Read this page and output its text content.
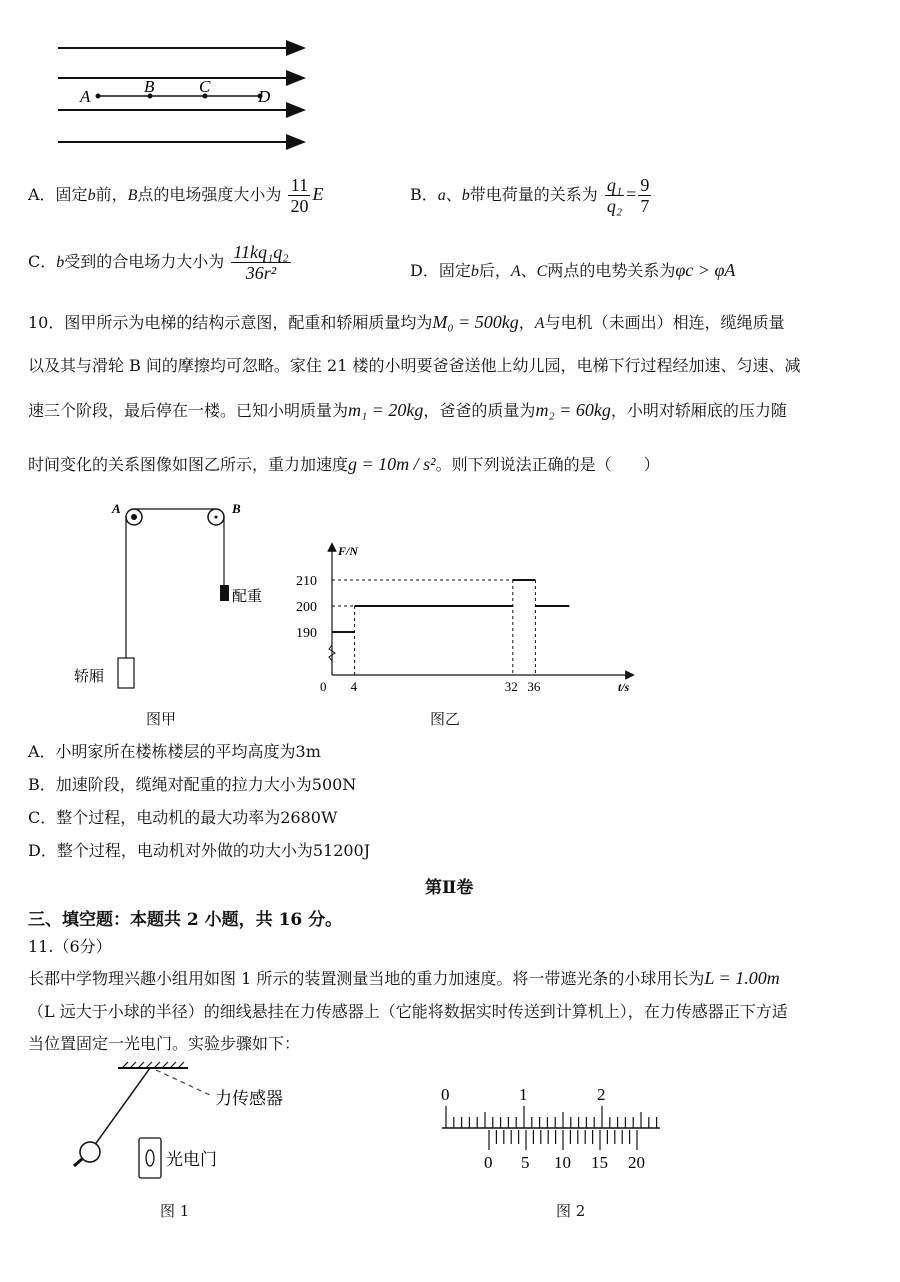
A
B	C
D
A．固定b前，B点的电场强度大小为 $\frac{11}{20}$ E	B．a、b带电荷量的关系为 $\frac{\text{q₁}}{\text{q₂}} = \frac{9}{7}$
C．b受到的合电场力大小为 $\frac{\text{11kq₁q₂}}{\text{36r²}}$	D．固定b后，A、C两点的电势关系为φc > φA
10．图甲所示为电梯的结构示意图，配重和轿厢质量均为M₀ = 500kg，A与电机（未画出）相连，缆绳质量
以及其与滑轮 B 间的摩擦均可忽略。家住 21 楼的小明要爸爸送他上幼儿园，电梯下行过程经加速、匀速、减
速三个阶段，最后停在一楼。已知小明质量为m₁ = 20kg，爸爸的质量为m₂ = 60kg，小明对轿厢底的压力随
时间变化的关系图像如图乙所示，重力加速度g = 10m / s²。则下列说法正确的是（　　）
A	B
配重
轿厢
图甲
F/N
t/s
0
190
200
210
4	32 36
图乙
A．小明家所在楼栋楼层的平均高度为3m
B．加速阶段，缆绳对配重的拉力大小为500N
C．整个过程，电动机的最大功率为2680W
D．整个过程，电动机对外做的功大小为51200J
第Ⅱ卷
三、填空题：本题共 2 小题，共 16 分。
11.（6分）
长郡中学物理兴趣小组用如图 1 所示的装置测量当地的重力加速度。将一带遮光条的小球用长为L = 1.00m
（L 远大于小球的半径）的细线悬挂在力传感器上（它能将数据实时传送到计算机上），在力传感器正下方适
当位置固定一光电门。实验步骤如下：
力传感器
光电门
图 1
0	1	2
0 5 10 15 20
图 2
